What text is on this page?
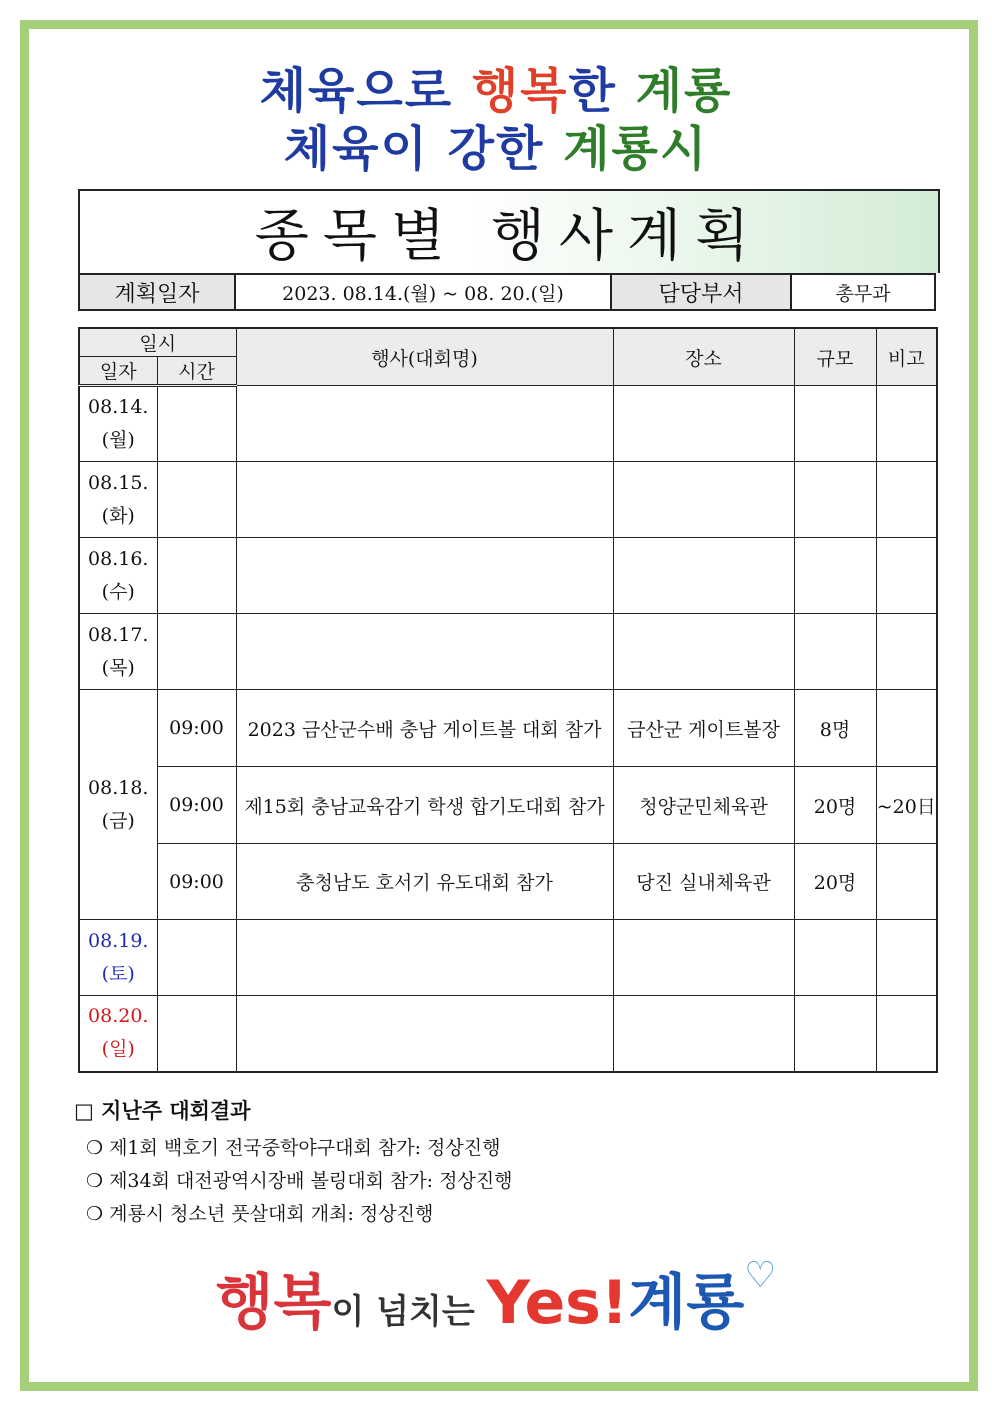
체육으로 행복한 계룡
체육이 강한 계룡시
종목별 행사계획
계획일자	2023. 08.14.(월) ~ 08. 20.(일)	담당부서	총무과
일시		행사(대회명)	장소	규모	비고
일자	시간				
08.14.
(월)					
08.15.
(화)					
08.16.
(수)					
08.17.
(목)					
08.18.
(금)	09:00	2023 금산군수배 충남 게이트볼 대회 참가	금산군 게이트볼장	8명	
	09:00	제15회 충남교육감기 학생 합기도대회 참가	청양군민체육관	20명	~20日
	09:00	충청남도 호서기 유도대회 참가	당진 실내체육관	20명	
08.19.
(토)					
08.20.
(일)					
□ 지난주 대회결과
❍ 제1회 백호기 전국중학야구대회 참가: 정상진행
❍ 제34회 대전광역시장배 볼링대회 참가: 정상진행
❍ 계룡시 청소년 풋살대회 개최: 정상진행
행복이 넘치는 Yes!계룡♡
